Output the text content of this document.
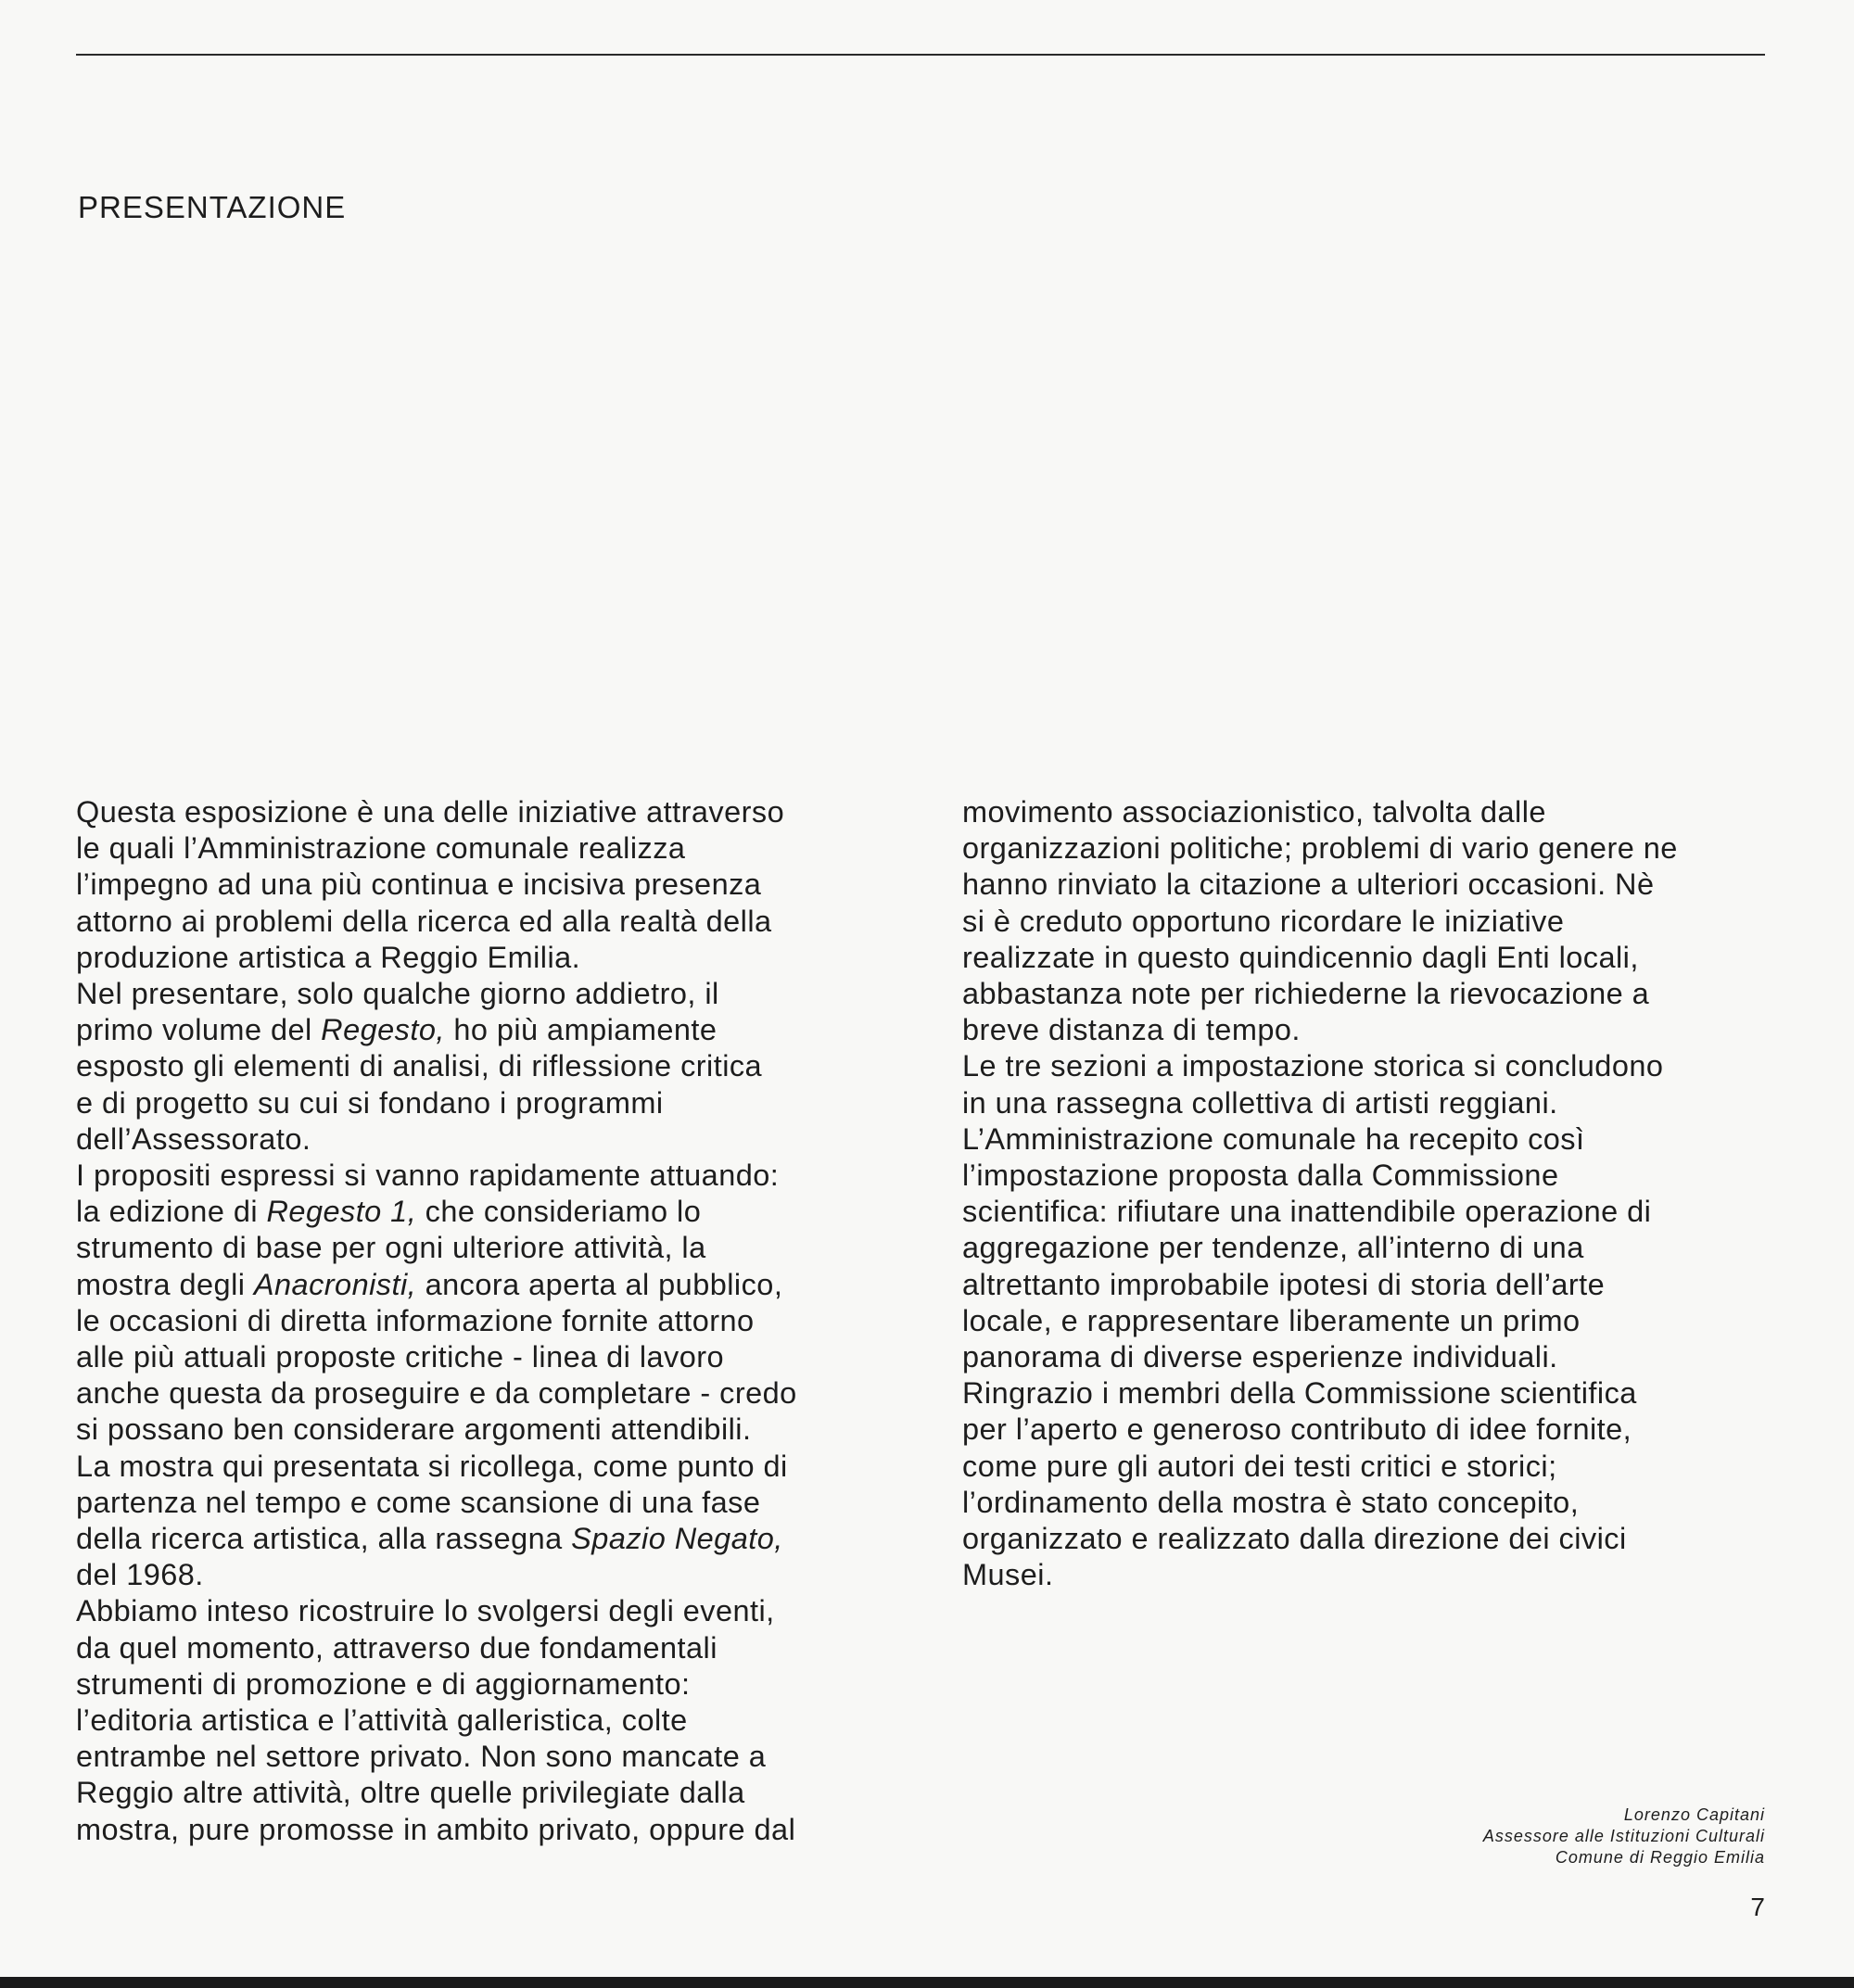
PRESENTAZIONE
Questa esposizione è una delle iniziative attraverso
le quali l’Amministrazione comunale realizza
l’impegno ad una più continua e incisiva presenza
attorno ai problemi della ricerca ed alla realtà della
produzione artistica a Reggio Emilia.
Nel presentare, solo qualche giorno addietro, il
primo volume del Regesto, ho più ampiamente
esposto gli elementi di analisi, di riflessione critica
e di progetto su cui si fondano i programmi
dell’Assessorato.
I propositi espressi si vanno rapidamente attuando:
la edizione di Regesto 1, che consideriamo lo
strumento di base per ogni ulteriore attività, la
mostra degli Anacronisti, ancora aperta al pubblico,
le occasioni di diretta informazione fornite attorno
alle più attuali proposte critiche - linea di lavoro
anche questa da proseguire e da completare - credo
si possano ben considerare argomenti attendibili.
La mostra qui presentata si ricollega, come punto di
partenza nel tempo e come scansione di una fase
della ricerca artistica, alla rassegna Spazio Negato,
del 1968.
Abbiamo inteso ricostruire lo svolgersi degli eventi,
da quel momento, attraverso due fondamentali
strumenti di promozione e di aggiornamento:
l’editoria artistica e l’attività galleristica, colte
entrambe nel settore privato. Non sono mancate a
Reggio altre attività, oltre quelle privilegiate dalla
mostra, pure promosse in ambito privato, oppure dal
movimento associazionistico, talvolta dalle
organizzazioni politiche; problemi di vario genere ne
hanno rinviato la citazione a ulteriori occasioni. Nè
si è creduto opportuno ricordare le iniziative
realizzate in questo quindicennio dagli Enti locali,
abbastanza note per richiederne la rievocazione a
breve distanza di tempo.
Le tre sezioni a impostazione storica si concludono
in una rassegna collettiva di artisti reggiani.
L’Amministrazione comunale ha recepito così
l’impostazione proposta dalla Commissione
scientifica: rifiutare una inattendibile operazione di
aggregazione per tendenze, all’interno di una
altrettanto improbabile ipotesi di storia dell’arte
locale, e rappresentare liberamente un primo
panorama di diverse esperienze individuali.
Ringrazio i membri della Commissione scientifica
per l’aperto e generoso contributo di idee fornite,
come pure gli autori dei testi critici e storici;
l’ordinamento della mostra è stato concepito,
organizzato e realizzato dalla direzione dei civici
Musei.
Lorenzo Capitani
Assessore alle Istituzioni Culturali
Comune di Reggio Emilia
7
